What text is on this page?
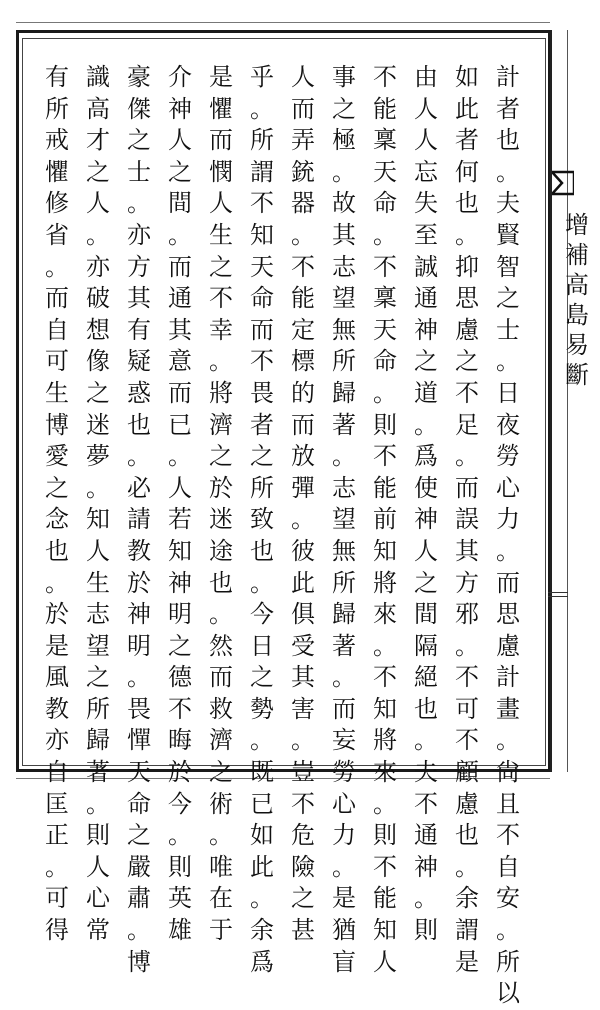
計
者
也
。
夫
賢
智
之
士
。
日
夜
勞
心
力
。
而
思
慮
計
畫
。
尙
且
不
自
安
。
所
以
如
此
者
何
也
。
抑
思
慮
之
不
足
。
而
誤
其
方
邪
。
不
可
不
顧
慮
也
。
余
謂
是
由
人
人
忘
失
至
誠
通
神
之
道
。
爲
使
神
人
之
間
隔
絕
也
。
夫
不
通
神
。
則
不
能
稟
天
命
。
不
稟
天
命
。
則
不
能
前
知
將
來
。
不
知
將
來
。
則
不
能
知
人
事
之
極
。
故
其
志
望
無
所
歸
著
。
志
望
無
所
歸
著
。
而
妄
勞
心
力
。
是
猶
盲
人
而
弄
銃
器
。
不
能
定
標
的
而
放
彈
。
彼
此
俱
受
其
害
。
豈
不
危
險
之
甚
乎
。
所
謂
不
知
天
命
而
不
畏
者
之
所
致
也
。
今
日
之
勢
。
既
已
如
此
。
余
爲
是
懼
而
憫
人
生
之
不
幸
。
將
濟
之
於
迷
途
也
。
然
而
救
濟
之
術
。
唯
在
于
介
神
人
之
間
。
而
通
其
意
而
已
。
人
若
知
神
明
之
德
不
晦
於
今
。
則
英
雄
豪
傑
之
士
。
亦
方
其
有
疑
惑
也
。
必
請
教
於
神
明
。
畏
憚
天
命
之
嚴
肅
。
博
識
高
才
之
人
。
亦
破
想
像
之
迷
夢
。
知
人
生
志
望
之
所
歸
著
。
則
人
心
常
有
所
戒
懼
修
省
。
而
自
可
生
博
愛
之
念
也
。
於
是
風
教
亦
自
匡
正
。
可
得
增
補
高
島
易
斷
